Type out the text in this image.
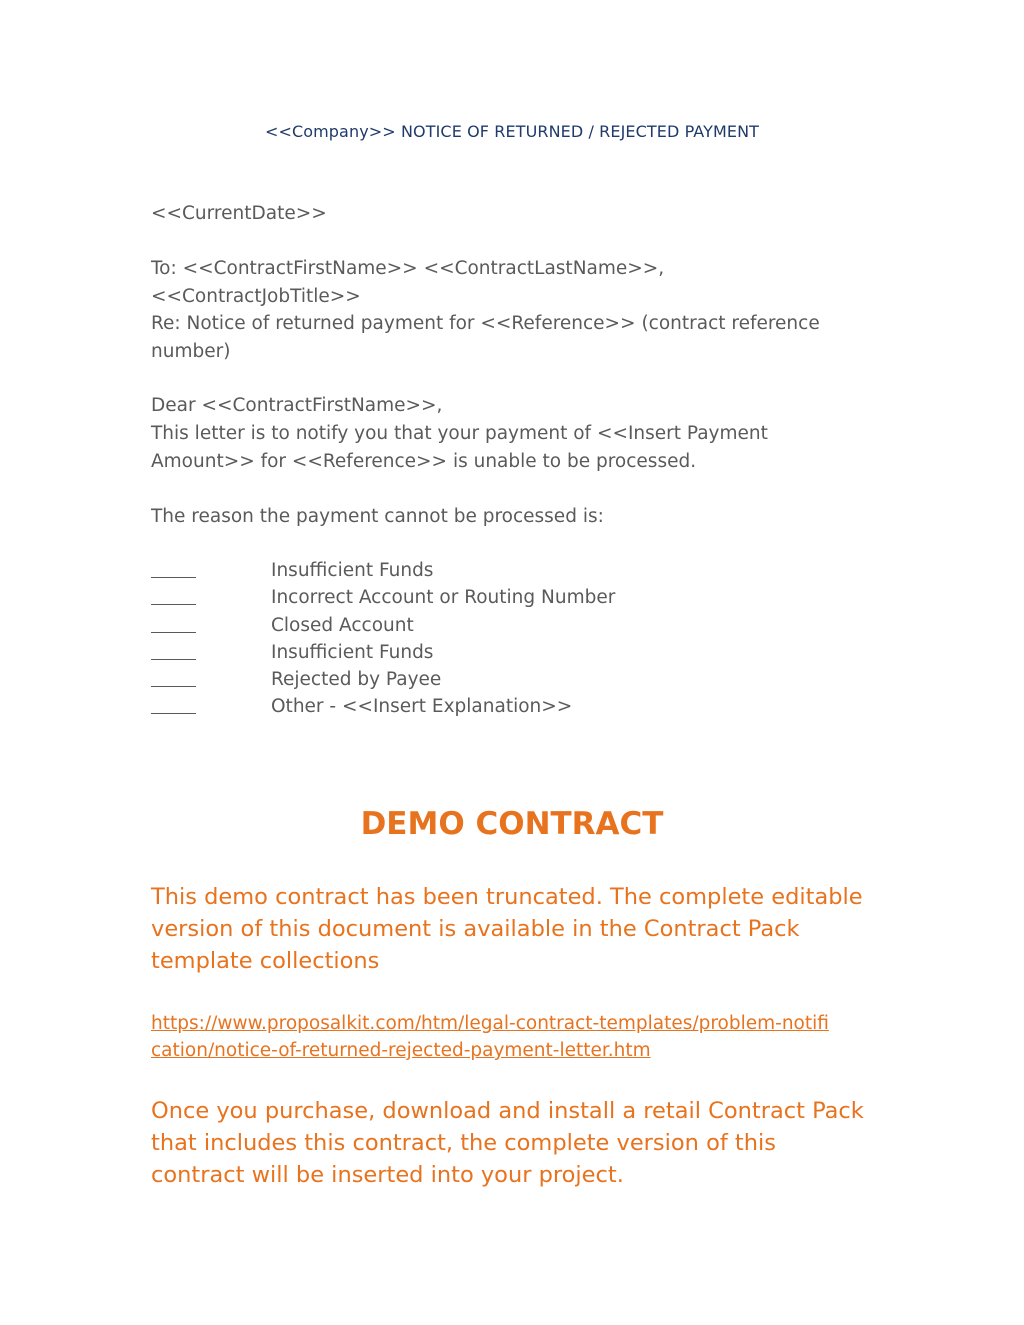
<<Company>> NOTICE OF RETURNED / REJECTED PAYMENT
<<CurrentDate>>
To: <<ContractFirstName>> <<ContractLastName>>, <<ContractJobTitle>>
Re: Notice of returned payment for <<Reference>> (contract reference number)
Dear <<ContractFirstName>>,
This letter is to notify you that your payment of <<Insert Payment Amount>> for <<Reference>> is unable to be processed.
The reason the payment cannot be processed is:
Insufficient Funds
Incorrect Account or Routing Number
Closed Account
Insufficient Funds
Rejected by Payee
Other - <<Insert Explanation>>
DEMO CONTRACT
This demo contract has been truncated. The complete editable version of this document is available in the Contract Pack template collections
https://www.proposalkit.com/htm/legal-contract-templates/problem-notification/notice-of-returned-rejected-payment-letter.htm
Once you purchase, download and install a retail Contract Pack that includes this contract, the complete version of this contract will be inserted into your project.
